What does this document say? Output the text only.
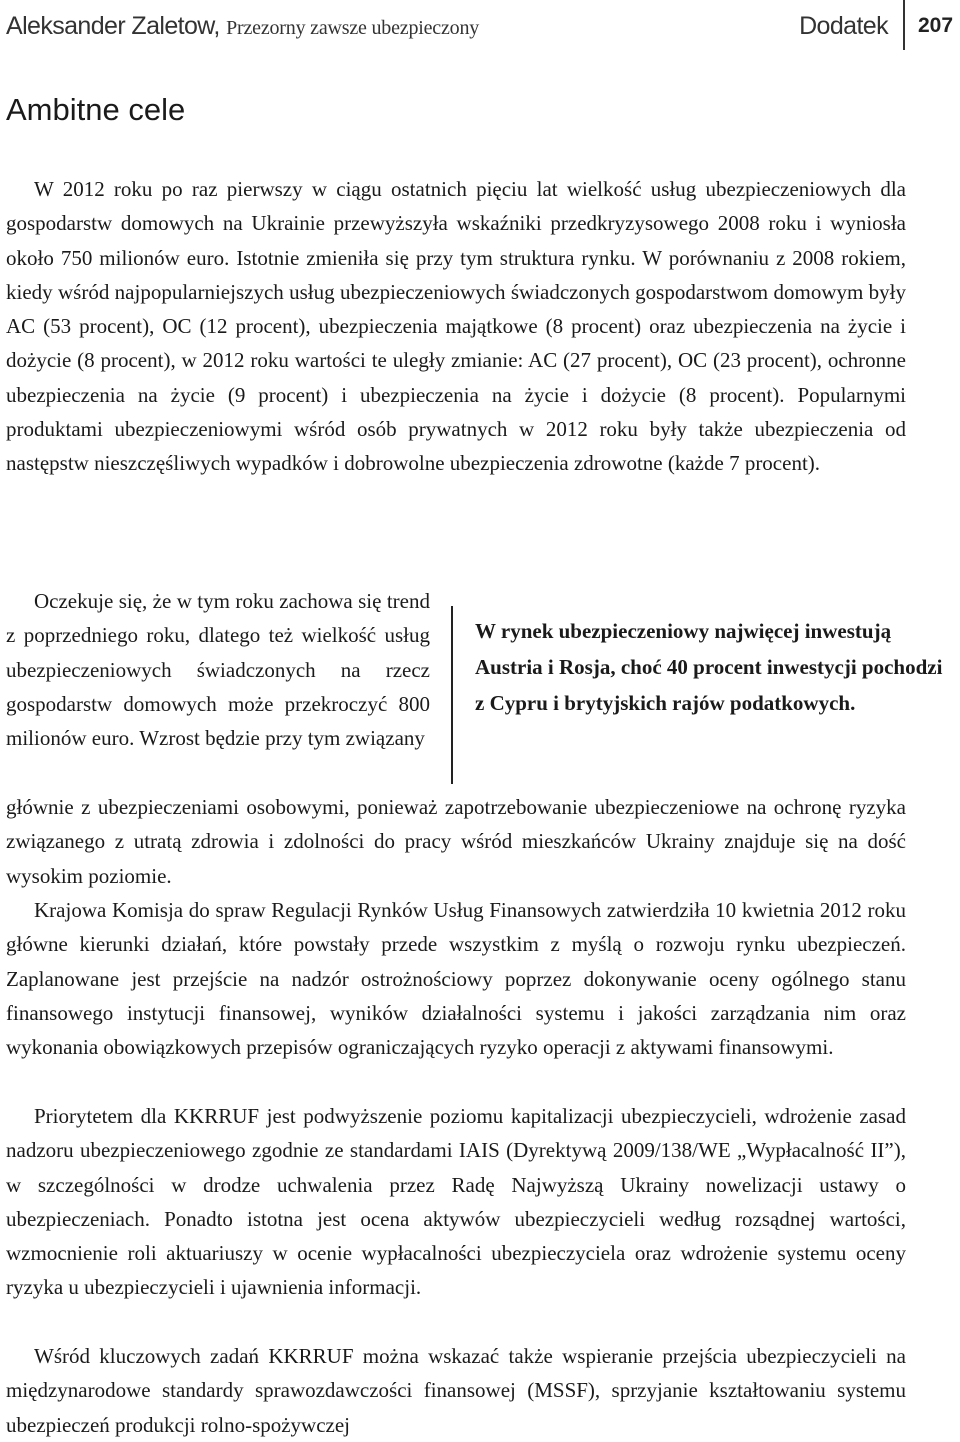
Aleksander Zaletow, Przezorny zawsze ubezpieczony	Dodatek 207
Ambitne cele

W 2012 roku po raz pierwszy w ciągu ostatnich pięciu lat wielkość usług ubezpieczeniowych dla gospodarstw domowych na Ukrainie przewyższyła wskaźniki przedkryzysowego 2008 roku i wyniosła około 750 milionów euro. Istotnie zmieniła się przy tym struktura rynku. W porównaniu z 2008 rokiem, kiedy wśród najpopularniejszych usług ubezpieczeniowych świadczonych gospodarstwom domowym były AC (53 procent), OC (12 procent), ubezpieczenia majątkowe (8 procent) oraz ubezpieczenia na życie i dożycie (8 procent), w 2012 roku wartości te uległy zmianie: AC (27 procent), OC (23 procent), ochronne ubezpieczenia na życie (9 procent) i ubezpieczenia na życie i dożycie (8 procent). Popularnymi produktami ubezpieczeniowymi wśród osób prywatnych w 2012 roku były także ubezpieczenia od następstw nieszczęśliwych wypadków i dobrowolne ubezpieczenia zdrowotne (każde 7 procent).

Oczekuje się, że w tym roku zachowa się trend z poprzedniego roku, dlatego też wielkość usług ubezpieczeniowych świadczonych na rzecz gospodarstw domowych może przekroczyć 800 milionów euro. Wzrost będzie przy tym związany

W rynek ubezpieczeniowy najwięcej inwestują Austria i Rosja, choć 40 procent inwestycji pochodzi z Cypru i brytyjskich rajów podatkowych.

głównie z ubezpieczeniami osobowymi, ponieważ zapotrzebowanie ubezpieczeniowe na ochronę ryzyka związanego z utratą zdrowia i zdolności do pracy wśród mieszkańców Ukrainy znajduje się na dość wysokim poziomie.

Krajowa Komisja do spraw Regulacji Rynków Usług Finansowych zatwierdziła 10 kwietnia 2012 roku główne kierunki działań, które powstały przede wszystkim z myślą o rozwoju rynku ubezpieczeń. Zaplanowane jest przejście na nadzór ostrożnościowy poprzez dokonywanie oceny ogólnego stanu finansowego instytucji finansowej, wyników działalności systemu i jakości zarządzania nim oraz wykonania obowiązkowych przepisów ograniczających ryzyko operacji z aktywami finansowymi.

Priorytetem dla KKRRUF jest podwyższenie poziomu kapitalizacji ubezpieczycieli, wdrożenie zasad nadzoru ubezpieczeniowego zgodnie ze standardami IAIS (Dyrektywą 2009/138/WE „Wypłacalność II”), w szczególności w drodze uchwalenia przez Radę Najwyższą Ukrainy nowelizacji ustawy o ubezpieczeniach. Ponadto istotna jest ocena aktywów ubezpieczycieli według rozsądnej wartości, wzmocnienie roli aktuariuszy w ocenie wypłacalności ubezpieczyciela oraz wdrożenie systemu oceny ryzyka u ubezpieczycieli i ujawnienia informacji.

Wśród kluczowych zadań KKRRUF można wskazać także wspieranie przejścia ubezpieczycieli na międzynarodowe standardy sprawozdawczości finansowej (MSSF), sprzyjanie kształtowaniu systemu ubezpieczeń produkcji rolno-spożywczej
